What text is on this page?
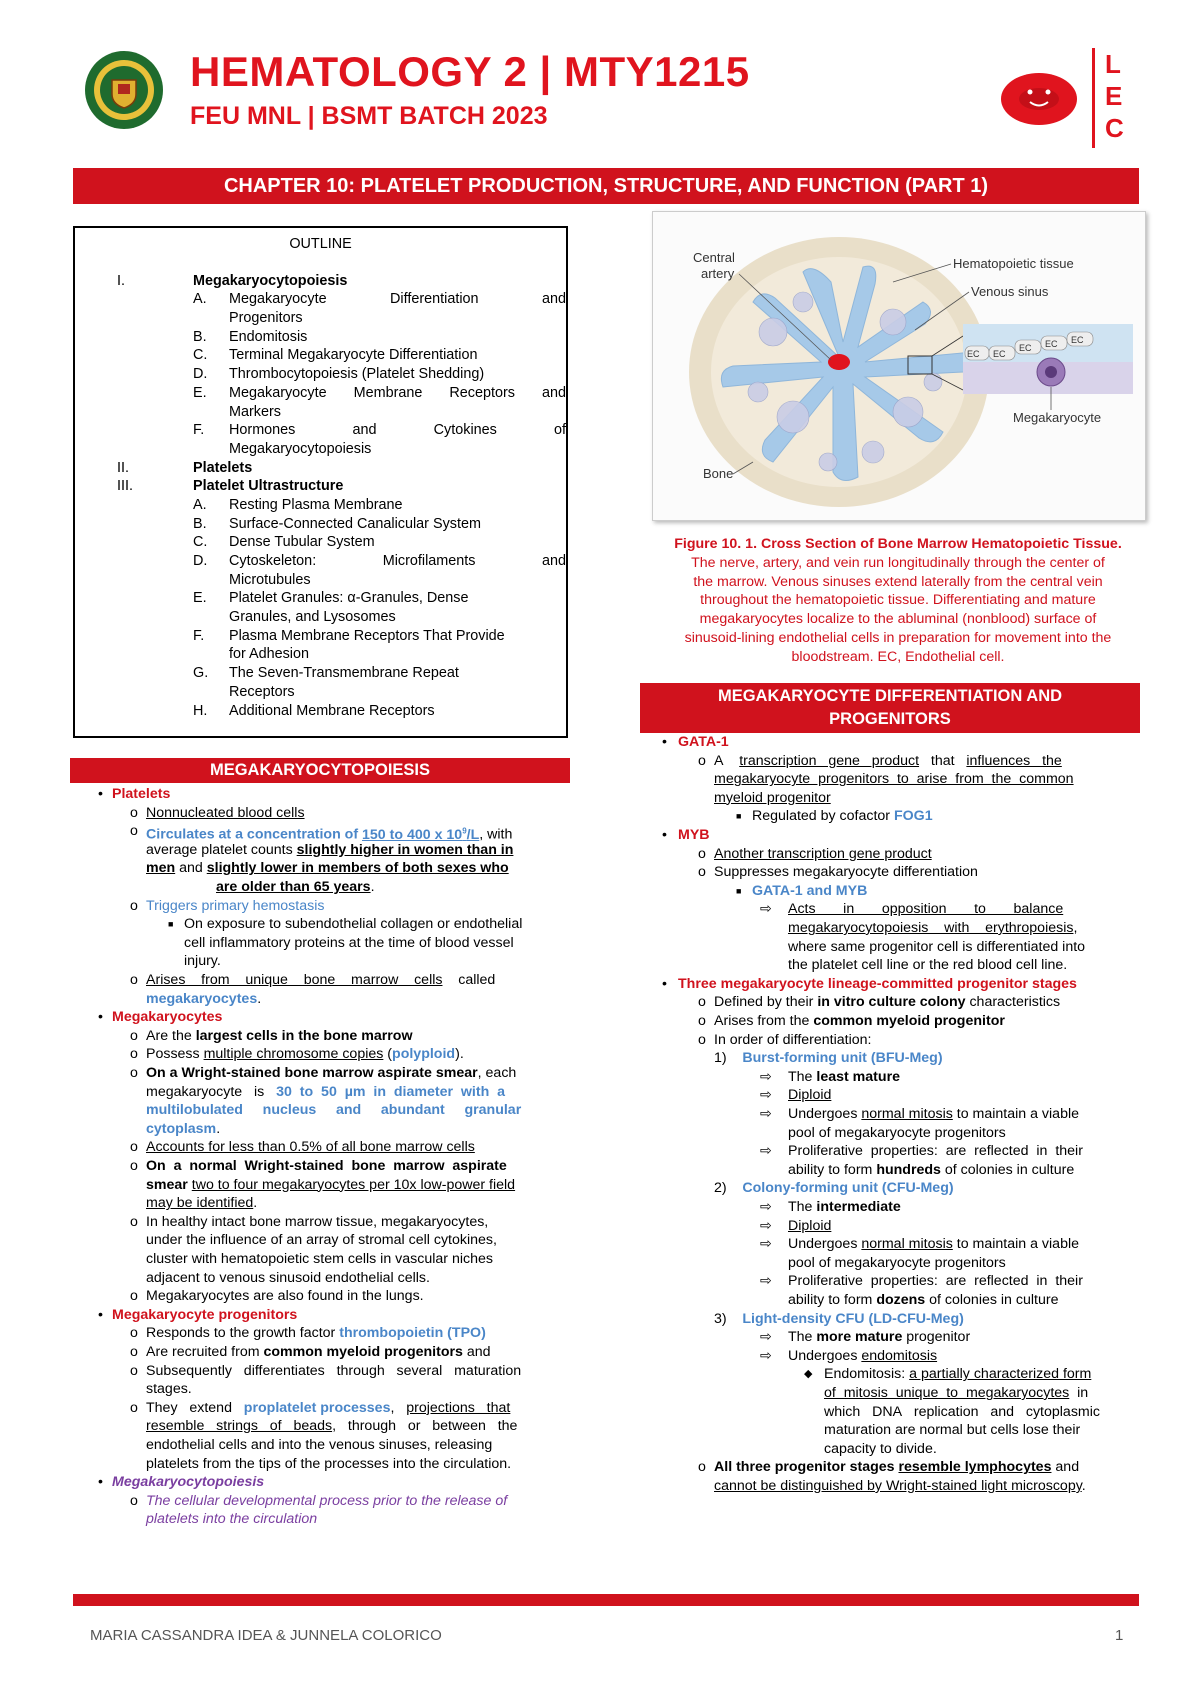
HEMATOLOGY 2 | MTY1215
FEU MNL | BSMT BATCH 2023
L
E
C
CHAPTER 10: PLATELET PRODUCTION, STRUCTURE, AND FUNCTION (PART 1)
OUTLINE
I.	Megakaryocytopoiesis
A. Megakaryocyte Differentiation and
Progenitors
B. Endomitosis
C. Terminal Megakaryocyte Differentiation
D. Thrombocytopoiesis (Platelet Shedding)
E. Megakaryocyte Membrane Receptors and
Markers
F. Hormones and Cytokines of
Megakaryocytopoiesis
II.	Platelets
III.	Platelet Ultrastructure
A. Resting Plasma Membrane
B. Surface-Connected Canalicular System
C. Dense Tubular System
D. Cytoskeleton: Microfilaments and
Microtubules
E. Platelet Granules: α-Granules, Dense
Granules, and Lysosomes
F. Plasma Membrane Receptors That Provide
for Adhesion
G. The Seven-Transmembrane Repeat
Receptors
H. Additional Membrane Receptors
EC EC
EC EC EC
Central
artery
Hematopoietic tissue
Venous sinus
Megakaryocyte
Bone
Figure 10. 1. Cross Section of Bone Marrow Hematopoietic Tissue.
The nerve, artery, and vein run longitudinally through the center of
the marrow. Venous sinuses extend laterally from the central vein
throughout the hematopoietic tissue. Differentiating and mature
megakaryocytes localize to the abluminal (nonblood) surface of
sinusoid-lining endothelial cells in preparation for movement into the
bloodstream. EC, Endothelial cell.
MEGAKARYOCYTOPOIESIS
Platelets
Nonnucleated blood cells
Circulates at a concentration of 150 to 400 x $10^9/L$, with
average platelet counts slightly higher in women than in
men and slightly lower in members of both sexes who
are older than 65 years.
Triggers primary hemostasis
On exposure to subendothelial collagen or endothelial
cell inflammatory proteins at the time of blood vessel
injury.
Arises    from    unique    bone    marrow    cells    called
megakaryocytes.
Megakaryocytes
Are the largest cells in the bone marrow
Possess multiple chromosome copies (polyploid).
On a Wright-stained bone marrow aspirate smear, each
megakaryocyte   is   30  to  50  µm  in  diameter  with  a
multilobulated     nucleus     and     abundant     granular
cytoplasm.
Accounts for less than 0.5% of all bone marrow cells
On  a  normal  Wright-stained  bone  marrow  aspirate
smear two to four megakaryocytes per 10x low-power field
may be identified.
In healthy intact bone marrow tissue, megakaryocytes,
under the influence of an array of stromal cell cytokines,
cluster with hematopoietic stem cells in vascular niches
adjacent to venous sinusoid endothelial cells.
Megakaryocytes are also found in the lungs.
Megakaryocyte progenitors
Responds to the growth factor thrombopoietin (TPO)
Are recruited from common myeloid progenitors and
Subsequently   differentiates   through   several   maturation
stages.
They   extend   proplatelet processes,   projections   that
resemble   strings   of   beads,   through   or   between   the
endothelial cells and into the venous sinuses, releasing
platelets from the tips of the processes into the circulation.
Megakaryocytopoiesis
The cellular developmental process prior to the release of
platelets into the circulation
•
•
•
•
o
o
o
o
■
o
o
o
o
o
o
o
o
o
o
o
o
MEGAKARYOCYTE DIFFERENTIATION AND
PROGENITORS
GATA-1
A    transcription   gene   product   that   influences   the
megakaryocyte  progenitors  to  arise  from  the  common
myeloid progenitor
Regulated by cofactor FOG1
MYB
Another transcription gene product
Suppresses megakaryocyte differentiation
GATA-1 and MYB
Acts       in       opposition       to       balance
megakaryocytopoiesis    with    erythropoiesis,
where same progenitor cell is differentiated into
the platelet cell line or the red blood cell line.
Three megakaryocyte lineage-committed progenitor stages
Defined by their in vitro culture colony characteristics
Arises from the common myeloid progenitor
In order of differentiation:
1)    Burst-forming unit (BFU-Meg)
The least mature
Diploid
Undergoes normal mitosis to maintain a viable
pool of megakaryocyte progenitors
Proliferative  properties:  are  reflected  in  their
ability to form hundreds of colonies in culture
2)    Colony-forming unit (CFU-Meg)
The intermediate
Diploid
Undergoes normal mitosis to maintain a viable
pool of megakaryocyte progenitors
Proliferative  properties:  are  reflected  in  their
ability to form dozens of colonies in culture
3)    Light-density CFU (LD-CFU-Meg)
The more mature progenitor
Undergoes endomitosis
Endomitosis: a partially characterized form
of  mitosis  unique  to  megakaryocytes  in
which   DNA   replication   and   cytoplasmic
maturation are normal but cells lose their
capacity to divide.
All three progenitor stages resemble lymphocytes and
cannot be distinguished by Wright-stained light microscopy.
•
•
•
o
o
o
o
o
o
o
■
■
⇨
⇨
⇨
⇨
⇨
⇨
⇨
⇨
⇨
⇨
⇨
◆
MARIA CASSANDRA IDEA & JUNNELA COLORICO	1
